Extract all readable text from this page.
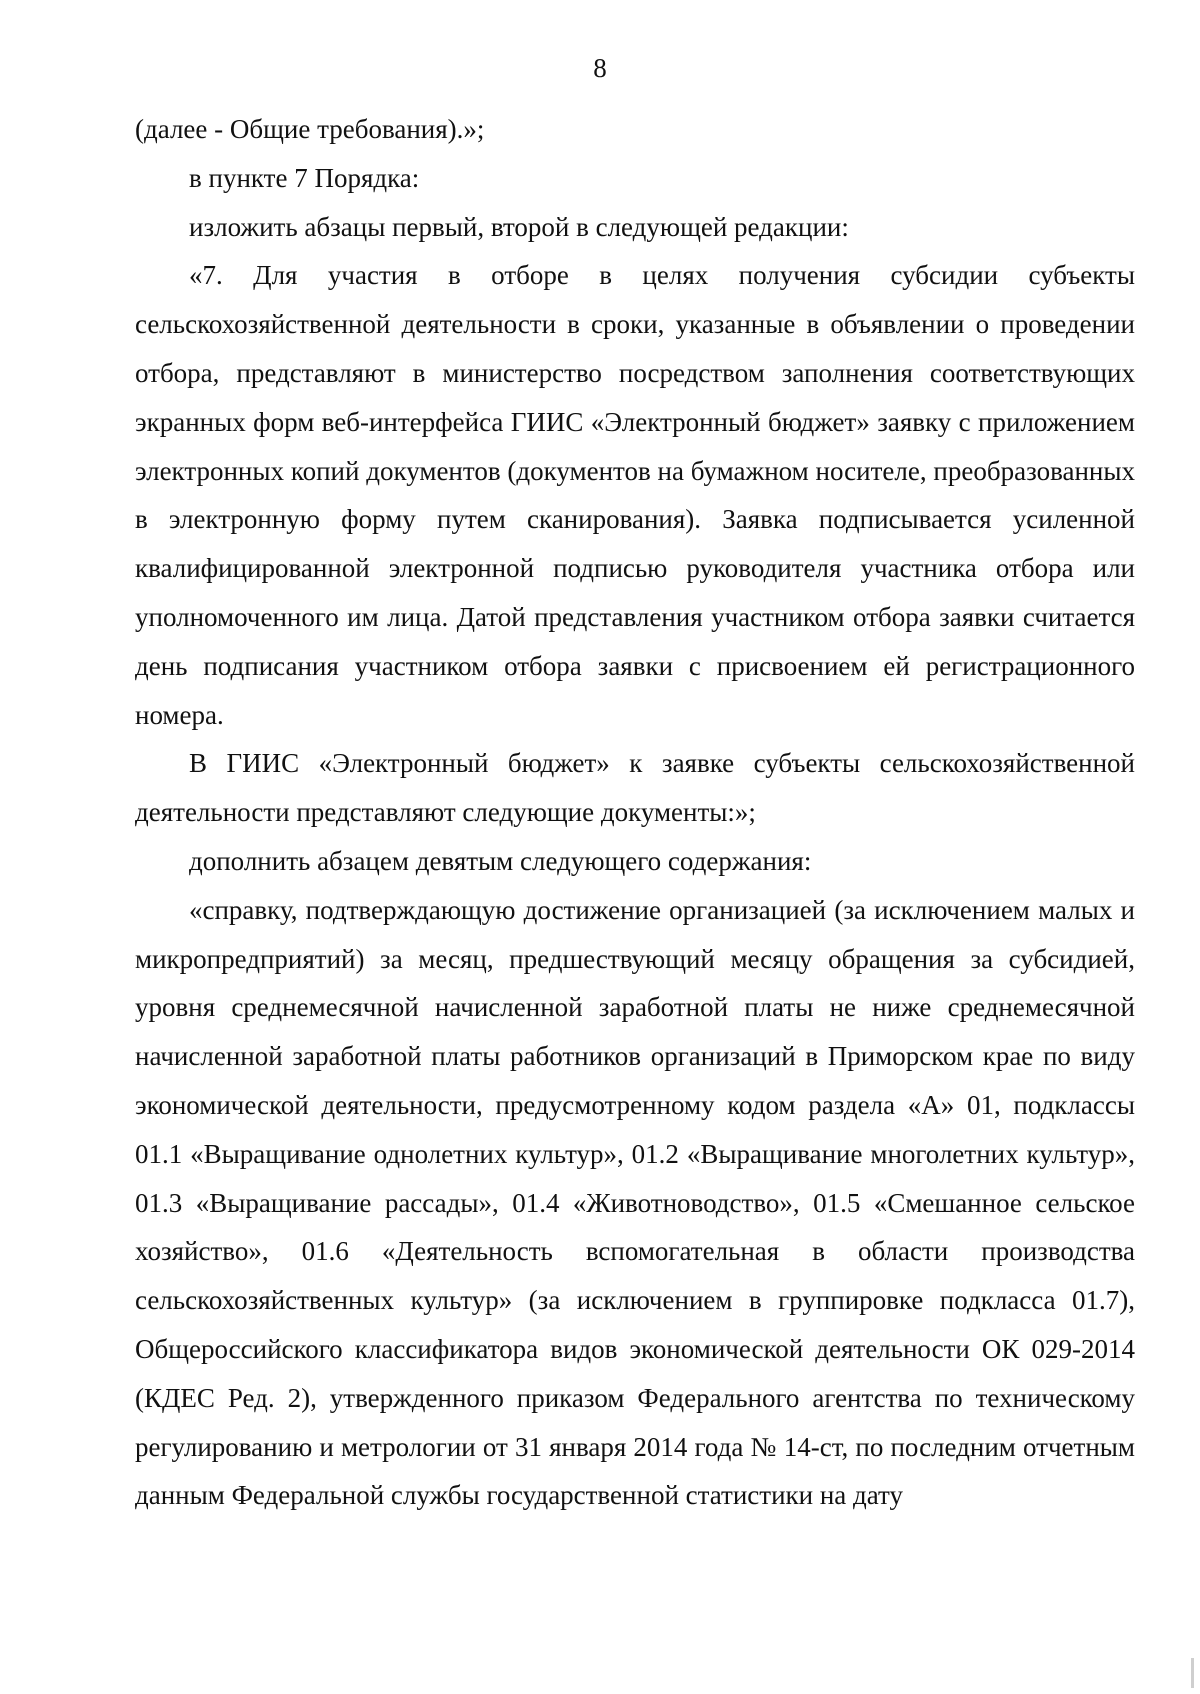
8

(далее - Общие требования).»;

в пункте 7 Порядка:

изложить абзацы первый, второй в следующей редакции:

«7. Для участия в отборе в целях получения субсидии субъекты сельскохозяйственной деятельности в сроки, указанные в объявлении о проведении отбора, представляют в министерство посредством заполнения соответствующих экранных форм веб-интерфейса ГИИС «Электронный бюджет» заявку с приложением электронных копий документов (документов на бумажном носителе, преобразованных в электронную форму путем сканирования). Заявка подписывается усиленной квалифицированной электронной подписью руководителя участника отбора или уполномоченного им лица. Датой представления участником отбора заявки считается день подписания участником отбора заявки с присвоением ей регистрационного номера.

В ГИИС «Электронный бюджет» к заявке субъекты сельскохозяйственной деятельности представляют следующие документы:»;

дополнить абзацем девятым следующего содержания:

«справку, подтверждающую достижение организацией (за исключением малых и микропредприятий) за месяц, предшествующий месяцу обращения за субсидией, уровня среднемесячной начисленной заработной платы не ниже среднемесячной начисленной заработной платы работников организаций в Приморском крае по виду экономической деятельности, предусмотренному кодом раздела «А» 01, подклассы 01.1 «Выращивание однолетних культур», 01.2 «Выращивание многолетних культур», 01.3 «Выращивание рассады», 01.4 «Животноводство», 01.5 «Смешанное сельское хозяйство», 01.6 «Деятельность вспомогательная в области производства сельскохозяйственных культур» (за исключением в группировке подкласса 01.7), Общероссийского классификатора видов экономической деятельности ОК 029-2014 (КДЕС Ред. 2), утвержденного приказом Федерального агентства по техническому регулированию и метрологии от 31 января 2014 года № 14-ст, по последним отчетным данным Федеральной службы государственной статистики на дату
